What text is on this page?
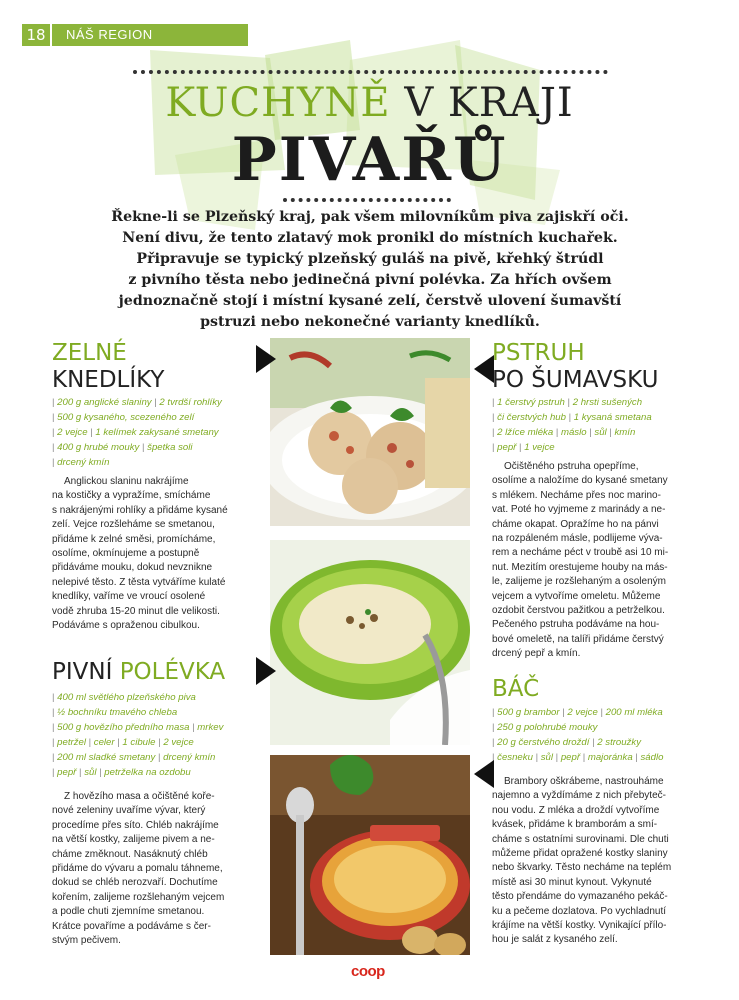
18	NÁŠ REGION
KUCHYNĚ V KRAJI
PIVAŘŮ
Řekne-li se Plzeňský kraj, pak všem milovníkům piva zajiskří oči.
Není divu, že tento zlatavý mok pronikl do místních kuchařek.
Připravuje se typický plzeňský guláš na pivě, křehký štrúdl
z pivního těsta nebo jedinečná pivní polévka. Za hřích ovšem
jednoznačně stojí i místní kysané zelí, čerstvě ulovení šumavští
pstruzi nebo nekonečné varianty knedlíků.
ZELNÉ
KNEDLÍKY
| 200 g anglické slaniny | 2 tvrdší rohlíky
| 500 g kysaného, scezeného zelí
| 2 vejce | 1 kelímek zakysané smetany
| 400 g hrubé mouky | špetka soli
| drcený kmín
Anglickou slaninu nakrájíme
na kostičky a vypražíme, smícháme
s nakrájenými rohlíky a přidáme kysané
zelí. Vejce rozšleháme se smetanou,
přidáme k zelné směsi, promícháme,
osolíme, okmínujeme a postupně
přidáváme mouku, dokud nevznikne
nelepivé těsto. Z těsta vytváříme kulaté
knedlíky, vaříme ve vroucí osolené
vodě zhruba 15-20 minut dle velikosti.
Podáváme s opraženou cibulkou.
PIVNÍ POLÉVKA
| 400 ml světlého plzeňského piva
| ½ bochníku tmavého chleba
| 500 g hovězího předního masa | mrkev
| petržel | celer | 1 cibule | 2 vejce
| 200 ml sladké smetany | drcený kmín
| pepř | sůl | petrželka na ozdobu
Z hovězího masa a očištěné koře-
nové zeleniny uvaříme vývar, který
procedíme přes síto. Chléb nakrájíme
na větší kostky, zalijeme pivem a ne-
cháme změknout. Nasáknutý chléb
přidáme do vývaru a pomalu táhneme,
dokud se chléb nerozvaří. Dochutíme
kořením, zalijeme rozšlehaným vejcem
a podle chuti zjemníme smetanou.
Krátce povaříme a podáváme s čer-
stvým pečivem.
PSTRUH
PO ŠUMAVSKU
| 1 čerstvý pstruh | 2 hrsti sušených
| či čerstvých hub | 1 kysaná smetana
| 2 lžíce mléka | máslo | sůl | kmín
| pepř | 1 vejce
Očištěného pstruha opepříme,
osolíme a naložíme do kysané smetany
s mlékem. Necháme přes noc marino-
vat. Poté ho vyjmeme z marinády a ne-
cháme okapat. Opražíme ho na pánvi
na rozpáleném másle, podlijeme výva-
rem a necháme péct v troubě asi 10 mi-
nut. Mezitím orestujeme houby na más-
le, zalijeme je rozšlehaným a osoleným
vejcem a vytvoříme omeletu. Můžeme
ozdobit čerstvou pažitkou a petrželkou.
Pečeného pstruha podáváme na hou-
bové omeletě, na talíři přidáme čerstvý
drcený pepř a kmín.
BÁČ
| 500 g brambor | 2 vejce | 200 ml mléka
| 250 g polohrubé mouky
| 20 g čerstvého droždí | 2 stroužky
| česneku | sůl | pepř | majoránka | sádlo
Brambory oškrábeme, nastrouháme
najemno a vyždímáme z nich přebyteč-
nou vodu. Z mléka a droždí vytvoříme
kvásek, přidáme k bramborám a smí-
cháme s ostatními surovinami. Dle chuti
můžeme přidat opražené kostky slaniny
nebo škvarky. Těsto necháme na teplém
místě asi 30 minut kynout. Vykynuté
těsto přendáme do vymazaného pekáč-
ku a pečeme dozlatova. Po vychladnutí
krájíme na větší kostky. Vynikající přílo-
hou je salát z kysaného zelí.
coop
